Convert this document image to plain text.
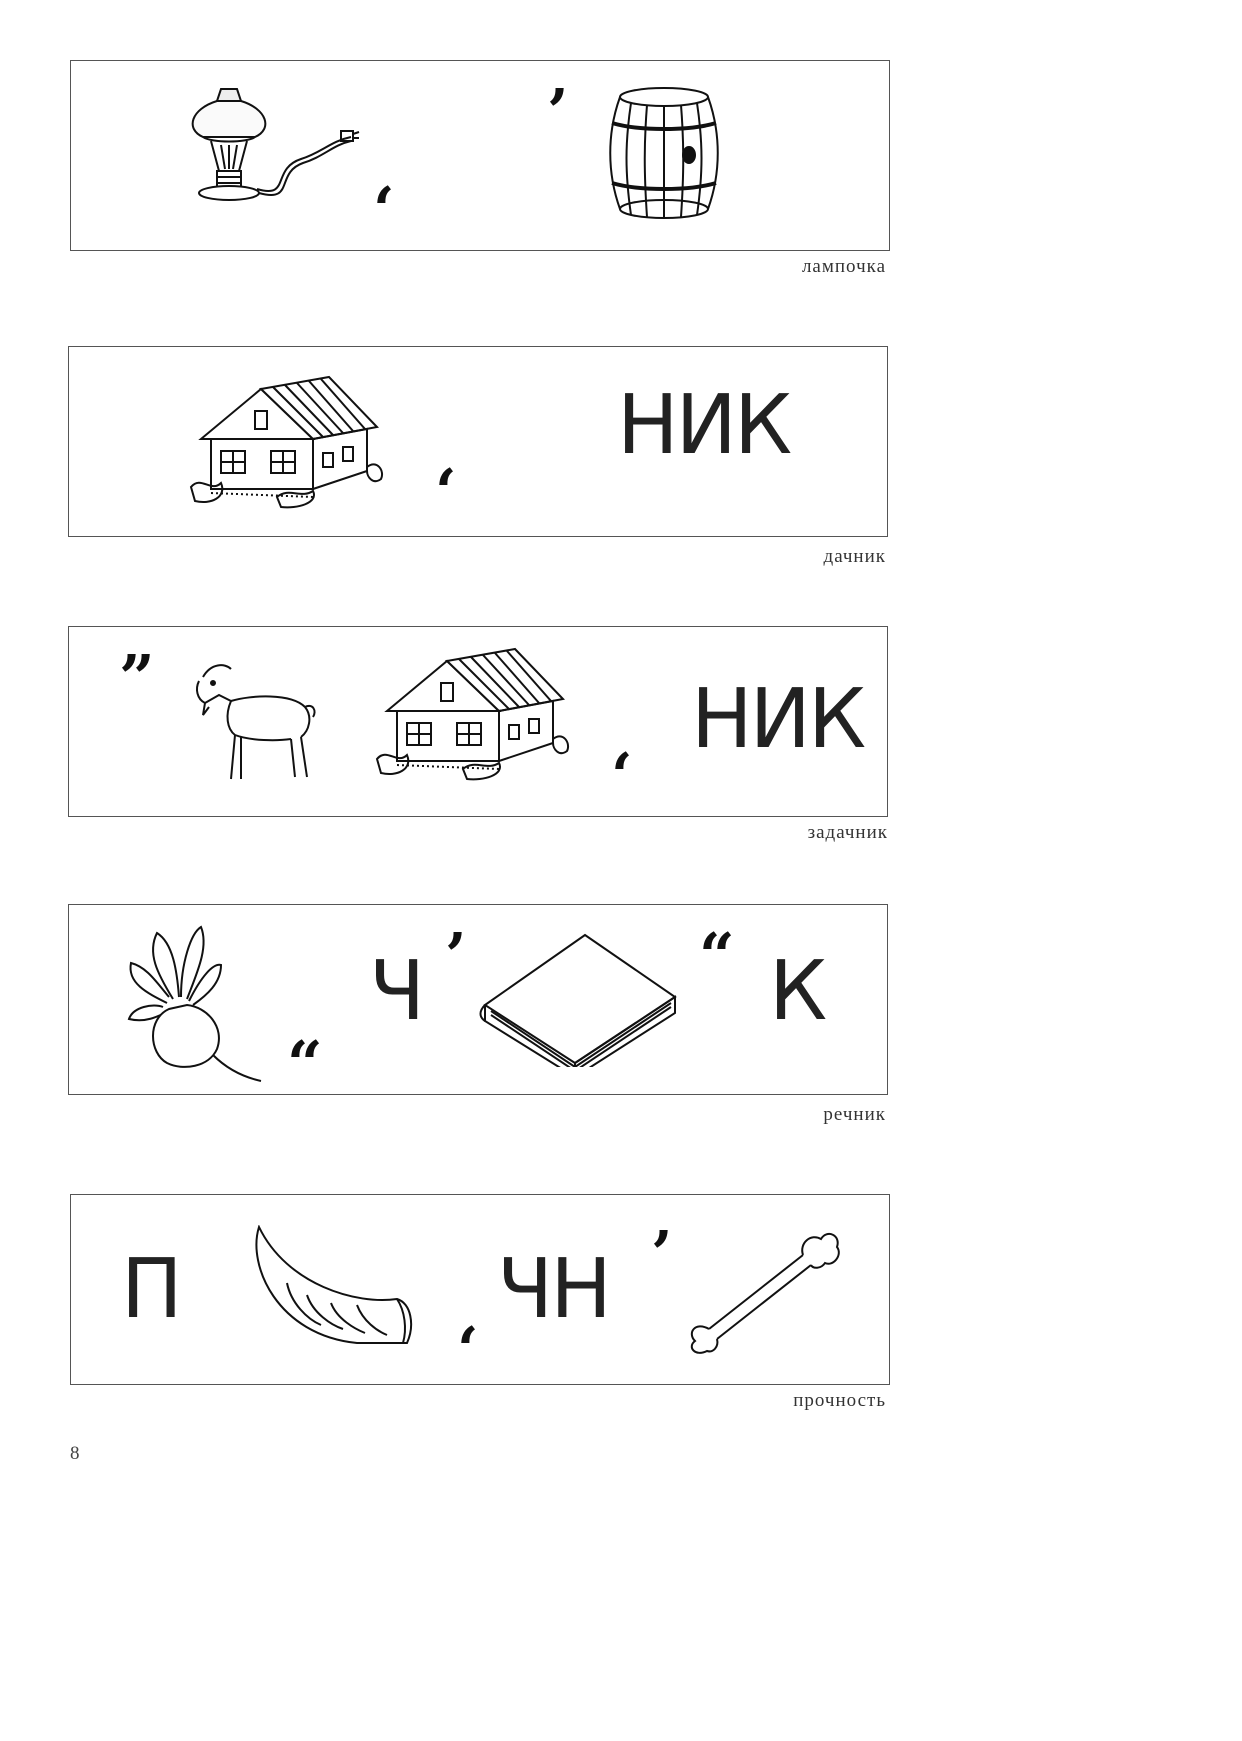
‘
’
лампочка
‘
НИК
дачник
”
‘
НИК
задачник
“
Ч ’	“ К
речник
П
‘
ЧН ’
прочность
8
